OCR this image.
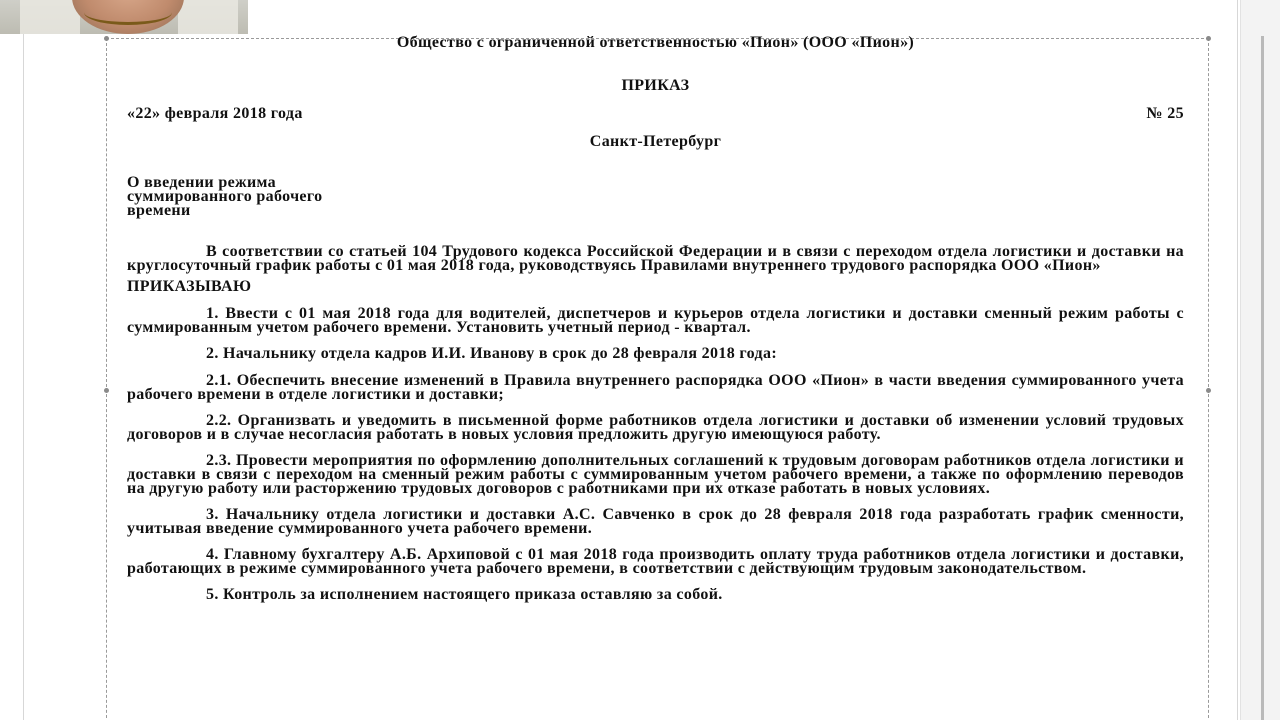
Общество с ограниченной ответственностью «Пион» (ООО «Пион»)
ПРИКАЗ
«22» февраля 2018 года	№ 25
Санкт-Петербург
О введении режима
суммированного рабочего
времени

В соответствии со статьей 104 Трудового кодекса Российской Федерации и в связи с переходом отдела логистики и доставки на круглосуточный график работы с 01 мая 2018 года, руководствуясь Правилами внутреннего трудового распорядка ООО «Пион»

ПРИКАЗЫВАЮ

1. Ввести с 01 мая 2018 года для водителей, диспетчеров и курьеров отдела логистики и доставки сменный режим работы с суммированным учетом рабочего времени. Установить учетный период - квартал.

2. Начальнику отдела кадров И.И. Иванову в срок до 28 февраля 2018 года:

2.1. Обеспечить внесение изменений в Правила внутреннего распорядка ООО «Пион» в части введения суммированного учета рабочего времени в отделе логистики и доставки;

2.2. Организвать и уведомить в письменной форме работников отдела логистики и доставки об изменении условий трудовых договоров и в случае несогласия работать в новых условия предложить другую имеющуюся работу.

2.3. Провести мероприятия по оформлению дополнительных соглашений к трудовым договорам работников отдела логистики и доставки в связи с переходом на сменный режим работы с суммированным учетом рабочего времени, а также по оформлению переводов на другую работу или расторжению трудовых договоров с работниками при их отказе работать в новых условиях.

3. Начальнику отдела логистики и доставки А.С. Савченко в срок до 28 февраля 2018 года разработать график сменности, учитывая введение суммированного учета рабочего времени.

4. Главному бухгалтеру А.Б. Архиповой с 01 мая 2018 года производить оплату труда работников отдела логистики и доставки, работающих в режиме суммированного учета рабочего времени, в соответствии с действующим трудовым законодательством.

5. Контроль за исполнением настоящего приказа оставляю за собой.
